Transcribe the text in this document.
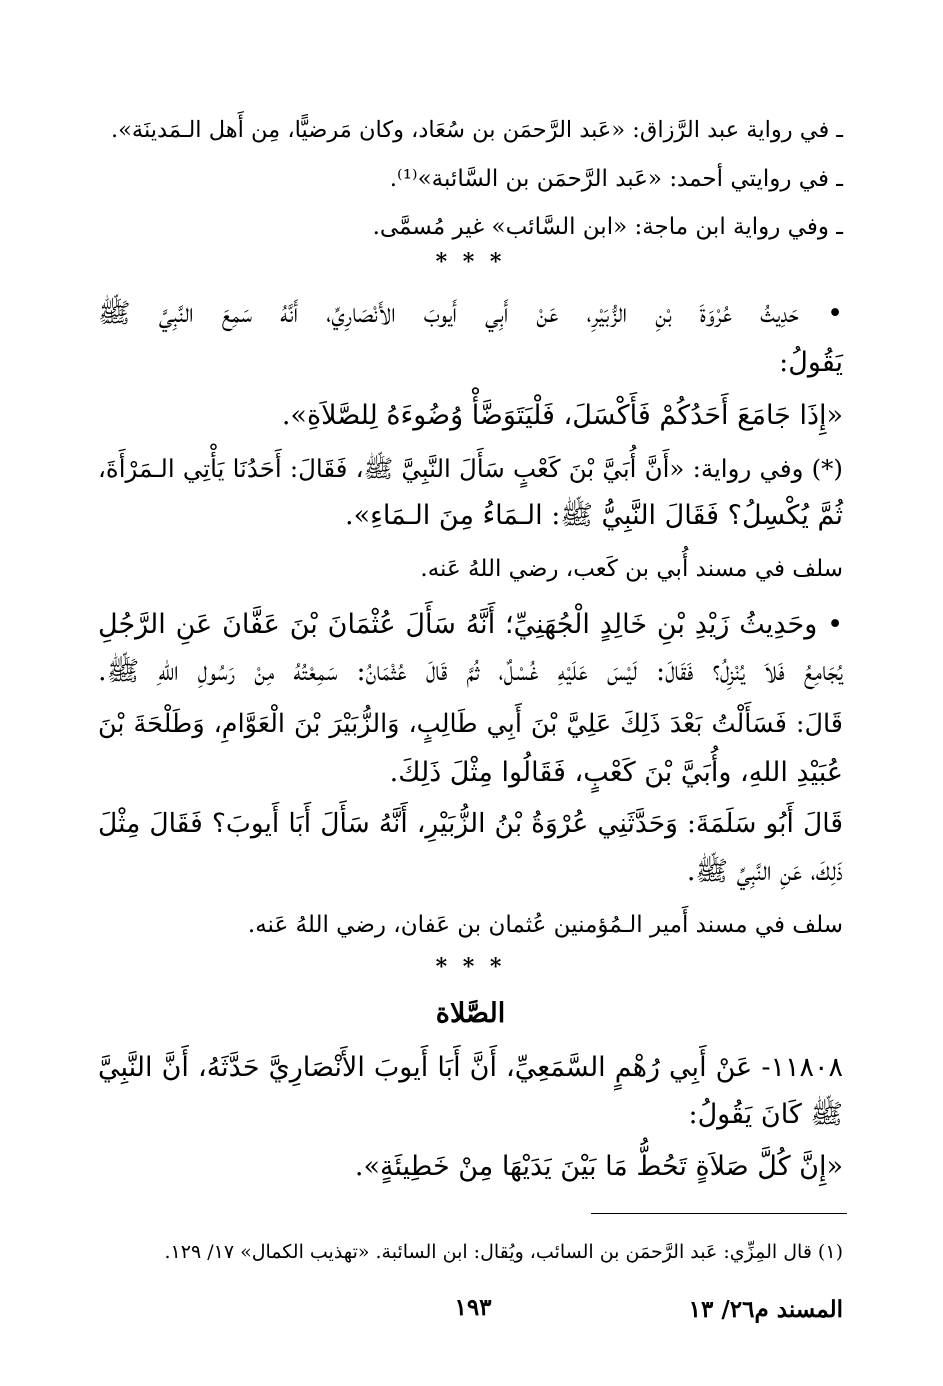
ـ في رواية عبد الرَّزاق: «عَبد الرَّحمَن بن سُعَاد، وكان مَرضيًّا، مِن أَهل الـمَدينَة».
ـ في روايتي أحمد: «عَبد الرَّحمَن بن السَّائبة»⁽¹⁾.
ـ وفي رواية ابن ماجة: «ابن السَّائب» غير مُسمَّى.
* * *
• حَدِيثُ عُرْوَةَ بْنِ الزُّبَيْرِ، عَنْ أَبِي أَيوبَ الأَنْصَارِيِّ، أَنَّهُ سَمِعَ النَّبِيَّ ﷺ
يَقُولُ:
«إِذَا جَامَعَ أَحَدُكُمْ فَأَكْسَلَ، فَلْيَتَوَضَّأْ وُضُوءَهُ لِلصَّلاَةِ».
(*) وفي رواية: «أَنَّ أُبَيَّ بْنَ كَعْبٍ سَأَلَ النَّبِيَّ ﷺ، فَقَالَ: أَحَدُنَا يَأْتِي الـمَرْأَةَ،
ثُمَّ يُكْسِلُ؟ فَقَالَ النَّبِيُّ ﷺ: الـمَاءُ مِنَ الـمَاءِ».
سلف في مسند أُبي بن كَعب، رضي اللهُ عَنه.
• وحَدِيثُ زَيْدِ بْنِ خَالِدٍ الْجُهَنِيِّ؛ أَنَّهُ سَأَلَ عُثْمَانَ بْنَ عَفَّانَ عَنِ الرَّجُلِ
يُجَامِعُ فَلاَ يُنْزِلُ؟ فَقَالَ: لَيْسَ عَلَيْهِ غُسْلٌ، ثُمَّ قَالَ عُثْمَانُ: سَمِعْتُهُ مِنْ رَسُولِ اللهِ ﷺ.
قَالَ: فَسَأَلْتُ بَعْدَ ذَلِكَ عَلِيَّ بْنَ أَبِي طَالِبٍ، وَالزُّبَيْرَ بْنَ الْعَوَّامِ، وَطَلْحَةَ بْنَ
عُبَيْدِ اللهِ، وأُبَيَّ بْنَ كَعْبٍ، فَقَالُوا مِثْلَ ذَلِكَ.
قَالَ أَبُو سَلَمَةَ: وَحَدَّثَنِي عُرْوَةُ بْنُ الزُّبَيْرِ، أَنَّهُ سَأَلَ أَبَا أَيوبَ؟ فَقَالَ مِثْلَ
ذَلِكَ، عَنِ النَّبِيِّ ﷺ.
سلف في مسند أَمير الـمُؤمنين عُثمان بن عَفان، رضي اللهُ عَنه.
* * *
الصَّلاة
١١٨٠٨- عَنْ أَبِي رُهْمٍ السَّمَعِيِّ، أَنَّ أَبَا أَيوبَ الأَنْصَارِيَّ حَدَّثَهُ، أَنَّ النَّبِيَّ
ﷺ كَانَ يَقُولُ:
«إِنَّ كُلَّ صَلاَةٍ تَحُطُّ مَا بَيْنَ يَدَيْهَا مِنْ خَطِيئَةٍ».
(١) قال المِزِّي: عَبد الرَّحمَن بن السائب، ويُقال: ابن السائبة. «تهذيب الكمال» ١٧/ ١٢٩.
المسند م٢٦/ ١٣
١٩٣
